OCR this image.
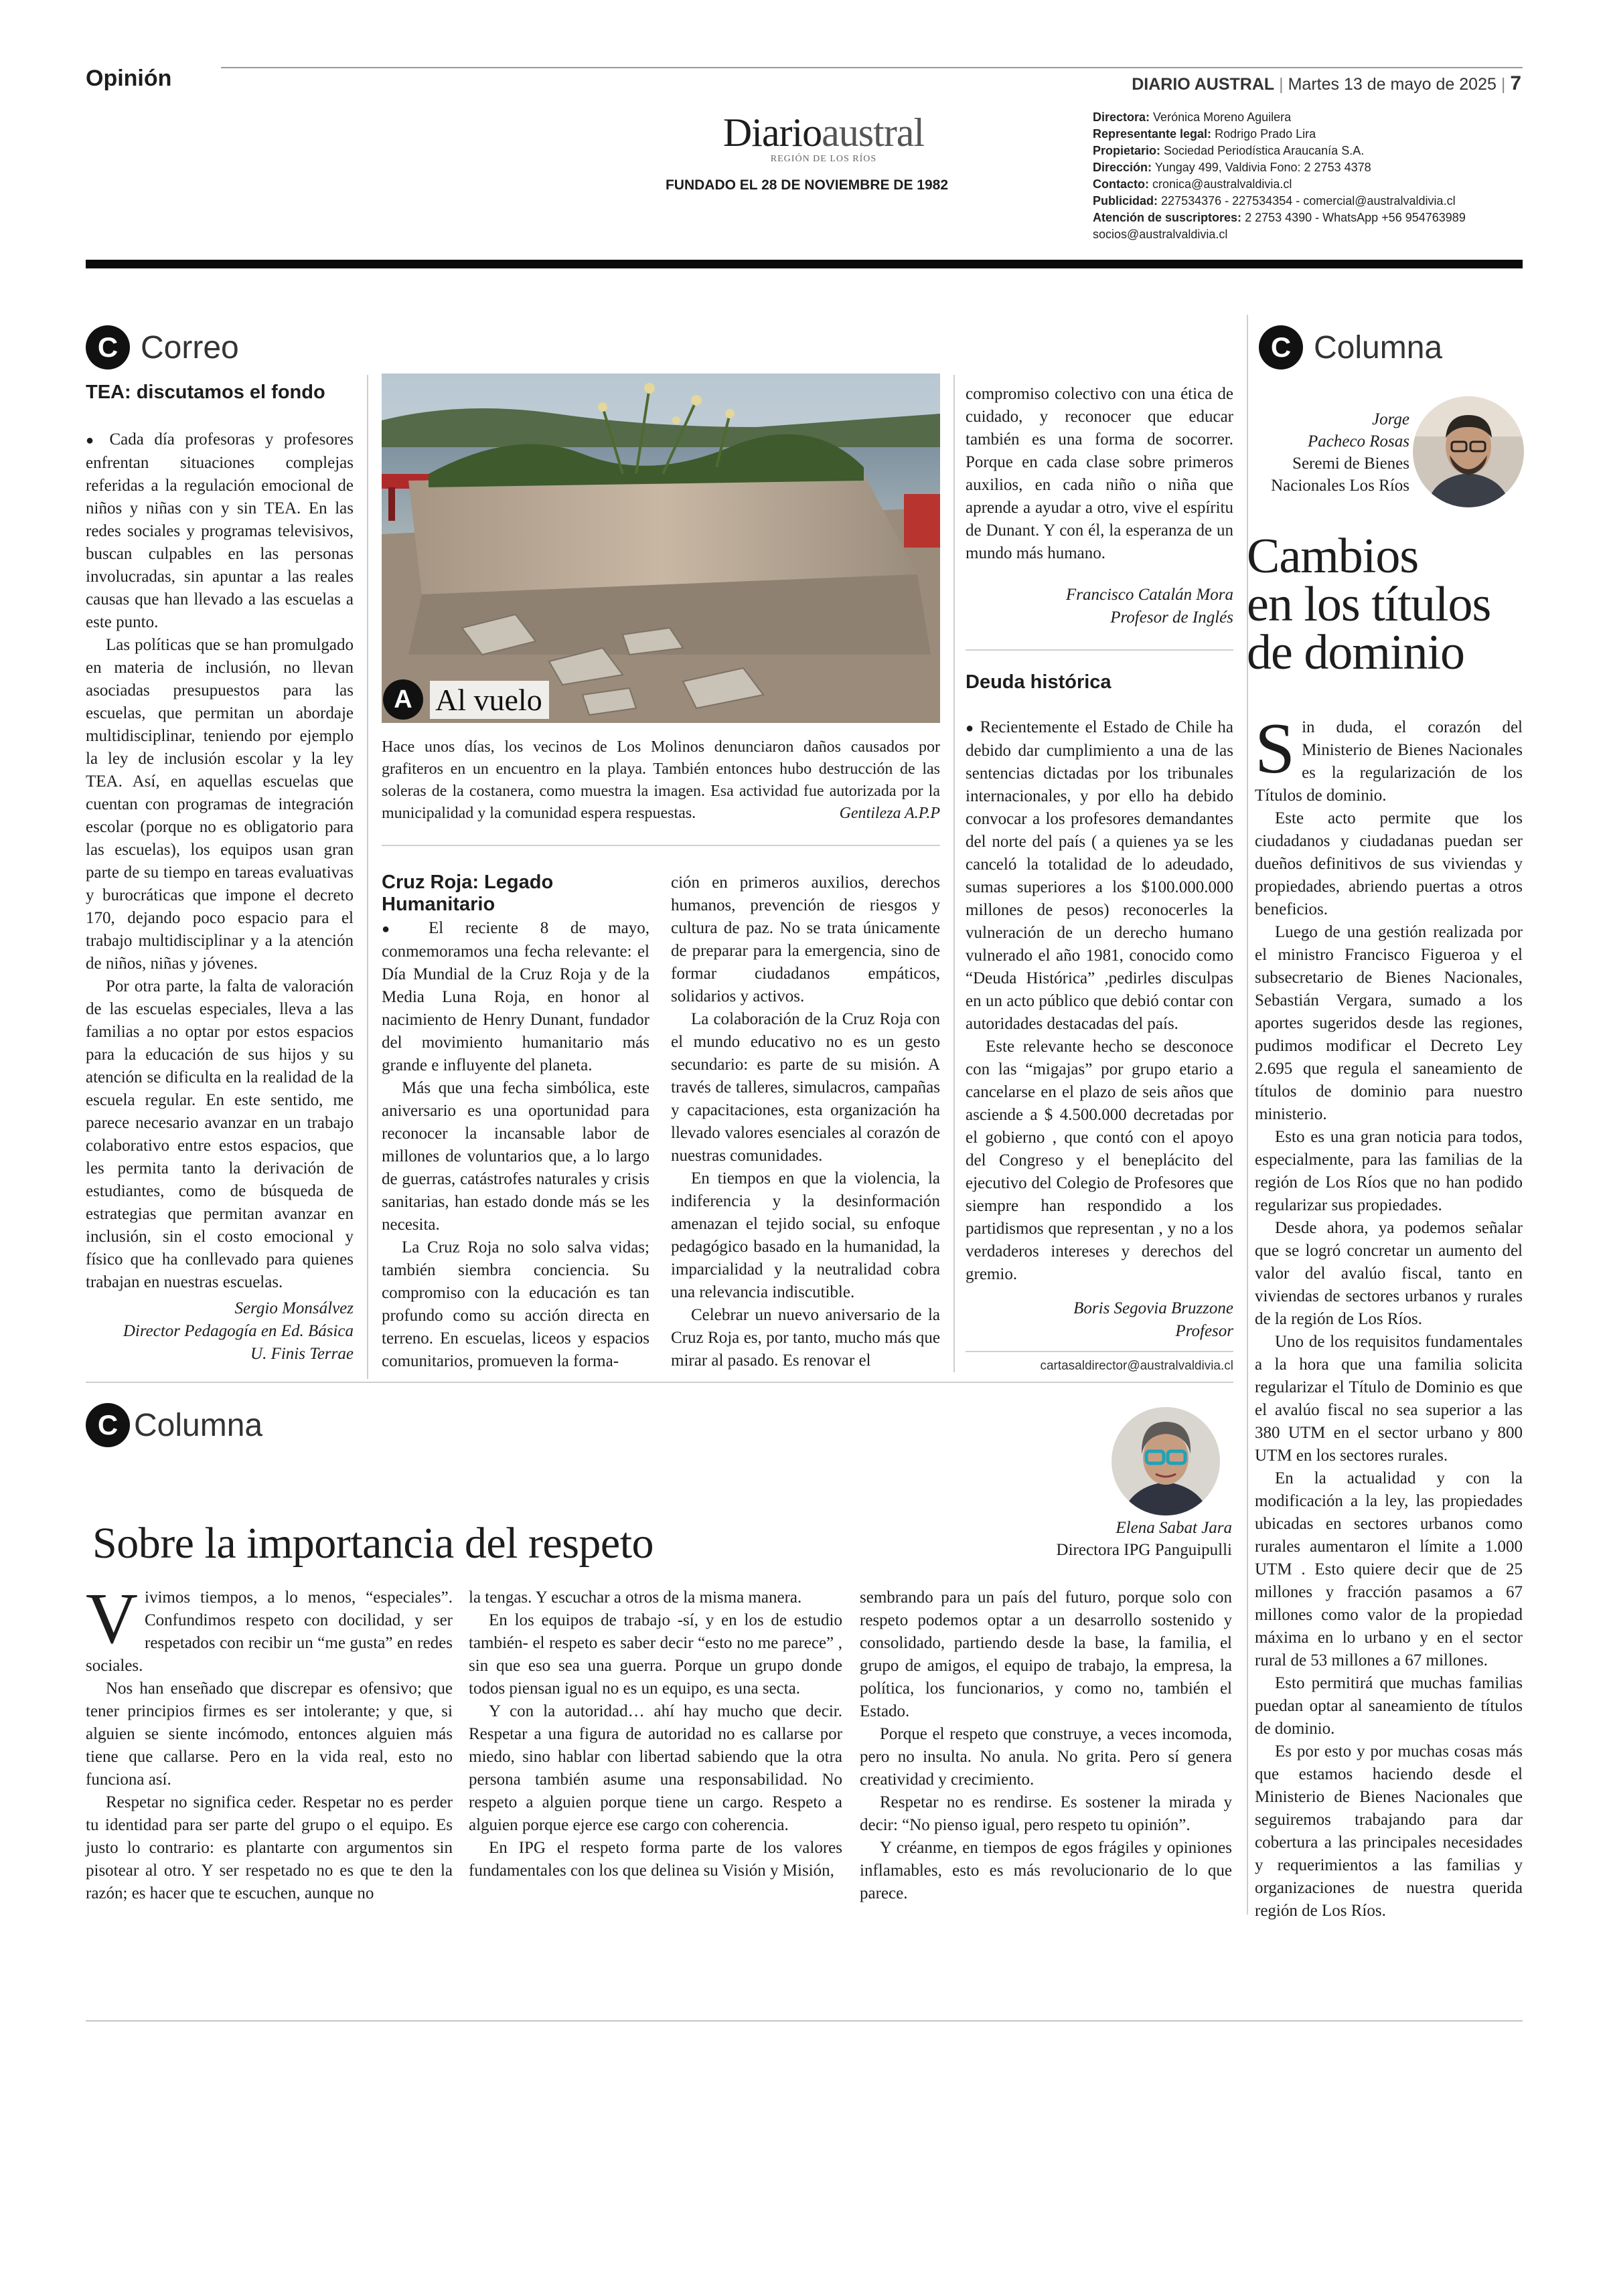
Opinión	DIARIO AUSTRAL | Martes 13 de mayo de 2025 | 7
Diarioaustral
REGIÓN DE LOS RÍOS
FUNDADO EL 28 DE NOVIEMBRE DE 1982
Directora: Verónica Moreno Aguilera
Representante legal: Rodrigo Prado Lira
Propietario: Sociedad Periodística Araucanía S.A.
Dirección: Yungay 499, Valdivia Fono: 2 2753 4378
Contacto: cronica@australvaldivia.cl
Publicidad: 227534376 - 227534354 - comercial@australvaldivia.cl
Atención de suscriptores: 2 2753 4390 - WhatsApp +56 954763989
socios@australvaldivia.cl
C Correo
TEA: discutamos el fondo

● Cada día profesoras y profesores enfrentan situaciones complejas referidas a la regulación emocional de niños y niñas con y sin TEA. En las redes sociales y programas televisivos, buscan culpables en las personas involucradas, sin apuntar a las reales causas que han llevado a las escuelas a este punto.

Las políticas que se han promulgado en materia de inclusión, no llevan asociadas presupuestos para las escuelas, que permitan un abordaje multidisciplinar, teniendo por ejemplo la ley de inclusión escolar y la ley TEA. Así, en aquellas escuelas que cuentan con programas de integración escolar (porque no es obligatorio para las escuelas), los equipos usan gran parte de su tiempo en tareas evaluativas y burocráticas que impone el decreto 170, dejando poco espacio para el trabajo multidisciplinar y a la atención de niños, niñas y jóvenes.

Por otra parte, la falta de valoración de las escuelas especiales, lleva a las familias a no optar por estos espacios para la educación de sus hijos y su atención se dificulta en la realidad de la escuela regular. En este sentido, me parece necesario avanzar en un trabajo colaborativo entre estos espacios, que les permita tanto la derivación de estudiantes, como de búsqueda de estrategias que permitan avanzar en inclusión, sin el costo emocional y físico que ha conllevado para quienes trabajan en nuestras escuelas.

Sergio Monsálvez
Director Pedagogía en Ed. Básica
U. Finis Terrae
A Al vuelo

Hace unos días, los vecinos de Los Molinos denunciaron daños causados por grafiteros en un encuentro en la playa. También entonces hubo destrucción de las soleras de la costanera, como muestra la imagen. Esa actividad fue autorizada por la municipalidad y la comunidad espera respuestas.	Gentileza A.P.P

Cruz Roja: Legado Humanitario

● El reciente 8 de mayo, conmemoramos una fecha relevante: el Día Mundial de la Cruz Roja y de la Media Luna Roja, en honor al nacimiento de Henry Dunant, fundador del movimiento humanitario más grande e influyente del planeta.

Más que una fecha simbólica, este aniversario es una oportunidad para reconocer la incansable labor de millones de voluntarios que, a lo largo de guerras, catástrofes naturales y crisis sanitarias, han estado donde más se les necesita.

La Cruz Roja no solo salva vidas; también siembra conciencia. Su compromiso con la educación es tan profundo como su acción directa en terreno. En escuelas, liceos y espacios comunitarios, promueven la forma-

ción en primeros auxilios, derechos humanos, prevención de riesgos y cultura de paz. No se trata únicamente de preparar para la emergencia, sino de formar ciudadanos empáticos, solidarios y activos.

La colaboración de la Cruz Roja con el mundo educativo no es un gesto secundario: es parte de su misión. A través de talleres, simulacros, campañas y capacitaciones, esta organización ha llevado valores esenciales al corazón de nuestras comunidades.

En tiempos en que la violencia, la indiferencia y la desinformación amenazan el tejido social, su enfoque pedagógico basado en la humanidad, la imparcialidad y la neutralidad cobra una relevancia indiscutible.

Celebrar un nuevo aniversario de la Cruz Roja es, por tanto, mucho más que mirar al pasado. Es renovar el

compromiso colectivo con una ética de cuidado, y reconocer que educar también es una forma de socorrer. Porque en cada clase sobre primeros auxilios, en cada niño o niña que aprende a ayudar a otro, vive el espíritu de Dunant. Y con él, la esperanza de un mundo más humano.

Francisco Catalán Mora
Profesor de Inglés
Deuda histórica

● Recientemente el Estado de Chile ha debido dar cumplimiento a una de las sentencias dictadas por los tribunales internacionales, y por ello ha debido convocar a los profesores demandantes del norte del país ( a quienes ya se les canceló la totalidad de lo adeudado, sumas superiores a los $100.000.000 millones de pesos) reconocerles la vulneración de un derecho humano vulnerado el año 1981, conocido como “Deuda Histórica” ,pedirles disculpas en un acto público que debió contar con autoridades destacadas del país.

Este relevante hecho se desconoce con las “migajas” por grupo etario a cancelarse en el plazo de seis años que asciende a $ 4.500.000 decretadas por el gobierno , que contó con el apoyo del Congreso y el beneplácito del ejecutivo del Colegio de Profesores que siempre han respondido a los partidismos que representan , y no a los verdaderos intereses y derechos del gremio.

Boris Segovia Bruzzone
Profesor
cartasaldirector@australvaldivia.cl
C Columna
Jorge
Pacheco Rosas
Seremi de Bienes
Nacionales Los Ríos
Cambios
en los títulos
de dominio

Sin duda, el corazón del Ministerio de Bienes Nacionales es la regularización de los Títulos de dominio.

Este acto permite que los ciudadanos y ciudadanas puedan ser dueños definitivos de sus viviendas y propiedades, abriendo puertas a otros beneficios.

Luego de una gestión realizada por el ministro Francisco Figueroa y el subsecretario de Bienes Nacionales, Sebastián Vergara, sumado a los aportes sugeridos desde las regiones, pudimos modificar el Decreto Ley 2.695 que regula el saneamiento de títulos de dominio para nuestro ministerio.

Esto es una gran noticia para todos, especialmente, para las familias de la región de Los Ríos que no han podido regularizar sus propiedades.

Desde ahora, ya podemos señalar que se logró concretar un aumento del valor del avalúo fiscal, tanto en viviendas de sectores urbanos y rurales de la región de Los Ríos.

Uno de los requisitos fundamentales a la hora que una familia solicita regularizar el Título de Dominio es que el avalúo fiscal no sea superior a las 380 UTM en el sector urbano y 800 UTM en los sectores rurales.

En la actualidad y con la modificación a la ley, las propiedades ubicadas en sectores urbanos como rurales aumentaron el límite a 1.000 UTM . Esto quiere decir que de 25 millones y fracción pasamos a 67 millones como valor de la propiedad máxima en lo urbano y en el sector rural de 53 millones a 67 millones.

Esto permitirá que muchas familias puedan optar al saneamiento de títulos de dominio.

Es por esto y por muchas cosas más que estamos haciendo desde el Ministerio de Bienes Nacionales que seguiremos trabajando para dar cobertura a las principales necesidades y requerimientos a las familias y organizaciones de nuestra querida región de Los Ríos.

C Columna
Elena Sabat Jara
Directora IPG Panguipulli
Sobre la importancia del respeto

Vivimos tiempos, a lo menos, “especiales”. Confundimos respeto con docilidad, y ser respetados con recibir un “me gusta” en redes sociales.

Nos han enseñado que discrepar es ofensivo; que tener principios firmes es ser intolerante; y que, si alguien se siente incómodo, entonces alguien más tiene que callarse. Pero en la vida real, esto no funciona así.

Respetar no significa ceder. Respetar no es perder tu identidad para ser parte del grupo o el equipo. Es justo lo contrario: es plantarte con argumentos sin pisotear al otro. Y ser respetado no es que te den la razón; es hacer que te escuchen, aunque no

la tengas. Y escuchar a otros de la misma manera.

En los equipos de trabajo -sí, y en los de estudio también- el respeto es saber decir “esto no me parece” , sin que eso sea una guerra. Porque un grupo donde todos piensan igual no es un equipo, es una secta.

Y con la autoridad… ahí hay mucho que decir. Respetar a una figura de autoridad no es callarse por miedo, sino hablar con libertad sabiendo que la otra persona también asume una responsabilidad. No respeto a alguien porque tiene un cargo. Respeto a alguien porque ejerce ese cargo con coherencia.

En IPG el respeto forma parte de los valores fundamentales con los que delinea su Visión y Misión,

sembrando para un país del futuro, porque solo con respeto podemos optar a un desarrollo sostenido y consolidado, partiendo desde la base, la familia, el grupo de amigos, el equipo de trabajo, la empresa, la política, los funcionarios, y como no, también el Estado.

Porque el respeto que construye, a veces incomoda, pero no insulta. No anula. No grita. Pero sí genera creatividad y crecimiento.

Respetar no es rendirse. Es sostener la mirada y decir: “No pienso igual, pero respeto tu opinión”.

Y créanme, en tiempos de egos frágiles y opiniones inflamables, esto es más revolucionario de lo que parece.
